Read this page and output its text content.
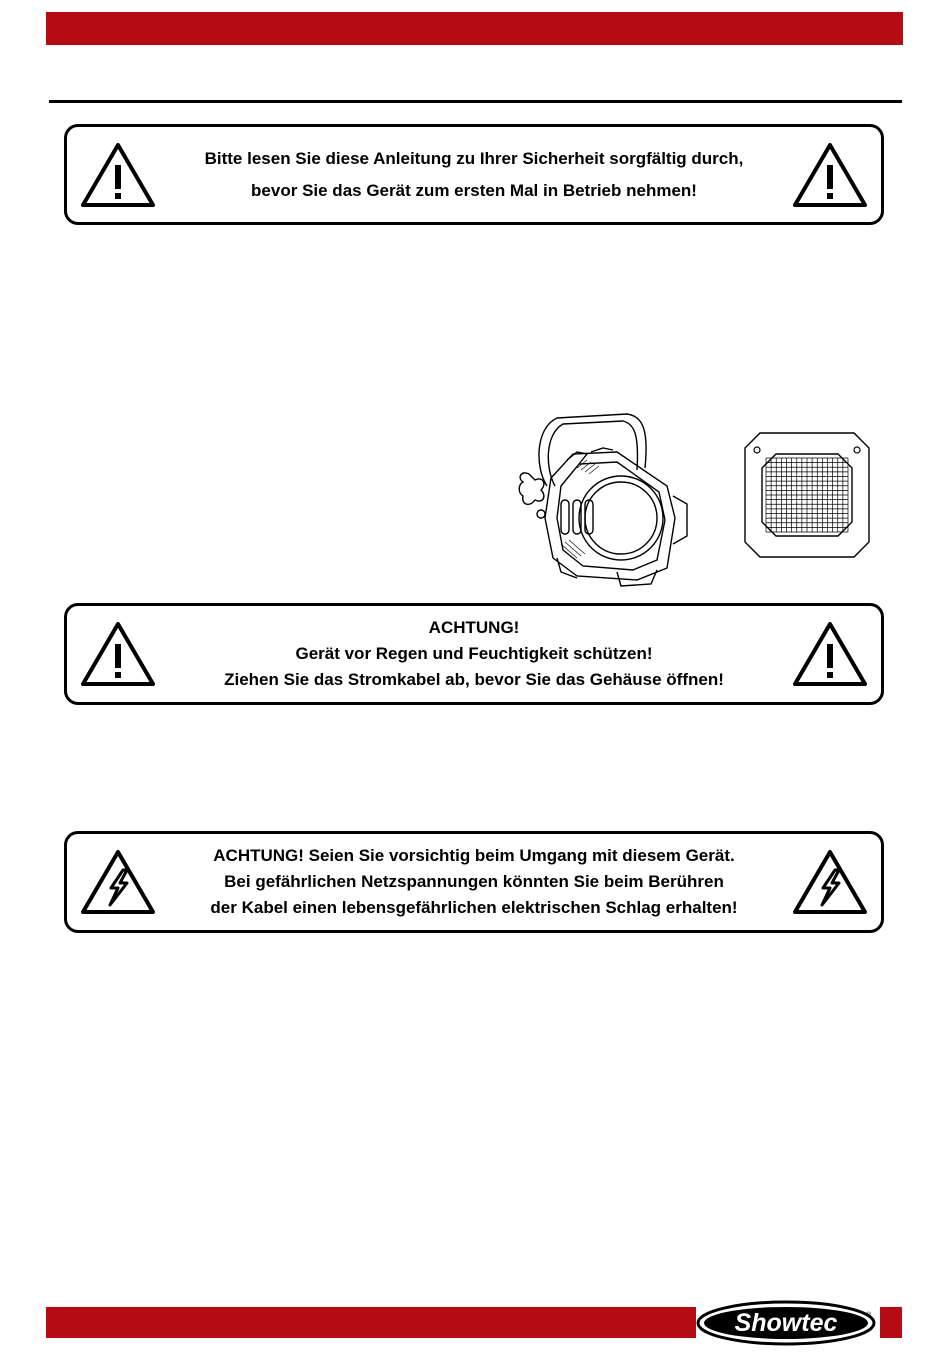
Bitte lesen Sie diese Anleitung zu Ihrer Sicherheit sorgfältig durch,
bevor Sie das Gerät zum ersten Mal in Betrieb nehmen!
ACHTUNG!
Gerät vor Regen und Feuchtigkeit schützen!
Ziehen Sie das Stromkabel ab, bevor Sie das Gehäuse öffnen!
ACHTUNG! Seien Sie vorsichtig beim Umgang mit diesem Gerät.
Bei gefährlichen Netzspannungen könnten Sie beim Berühren
der Kabel einen lebensgefährlichen elektrischen Schlag erhalten!
Showtec	®
